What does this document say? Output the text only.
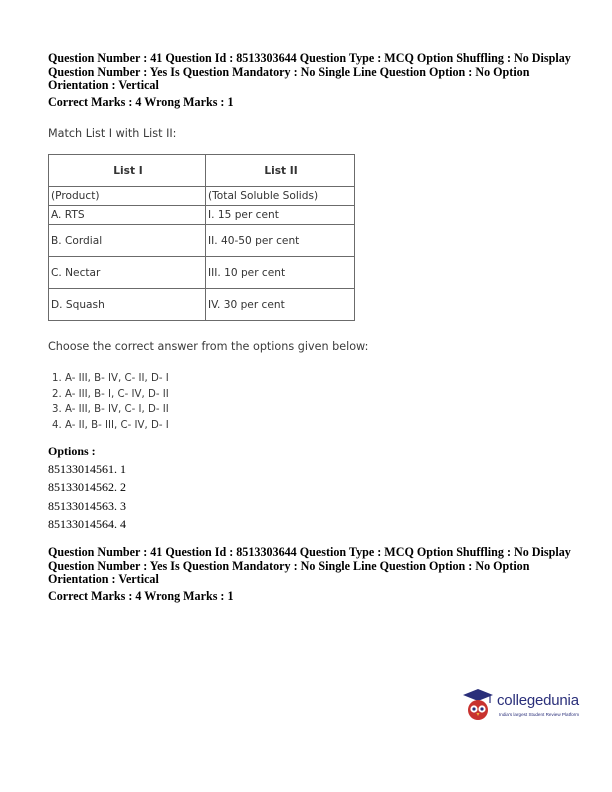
Question Number : 41 Question Id : 8513303644 Question Type : MCQ Option Shuffling : No Display

Question Number : Yes Is Question Mandatory : No Single Line Question Option : No Option

Orientation : Vertical

Correct Marks : 4 Wrong Marks : 1

Match List I with List II:
List I	List II
(Product)	(Total Soluble Solids)
A. RTS	I. 15 per cent
B. Cordial	II. 40-50 per cent
C. Nectar	III. 10 per cent
D. Squash	IV. 30 per cent
Choose the correct answer from the options given below:
1. A- III, B- IV, C- II, D- I
2. A- III, B- I, C- IV, D- II
3. A- III, B- IV, C- I, D- II
4. A- II, B- III, C- IV, D- I

Options :

85133014561. 1

85133014562. 2

85133014563. 3

85133014564. 4

Question Number : 41 Question Id : 8513303644 Question Type : MCQ Option Shuffling : No Display

Question Number : Yes Is Question Mandatory : No Single Line Question Option : No Option

Orientation : Vertical

Correct Marks : 4 Wrong Marks : 1

collegedunia
India's largest Student Review Platform
